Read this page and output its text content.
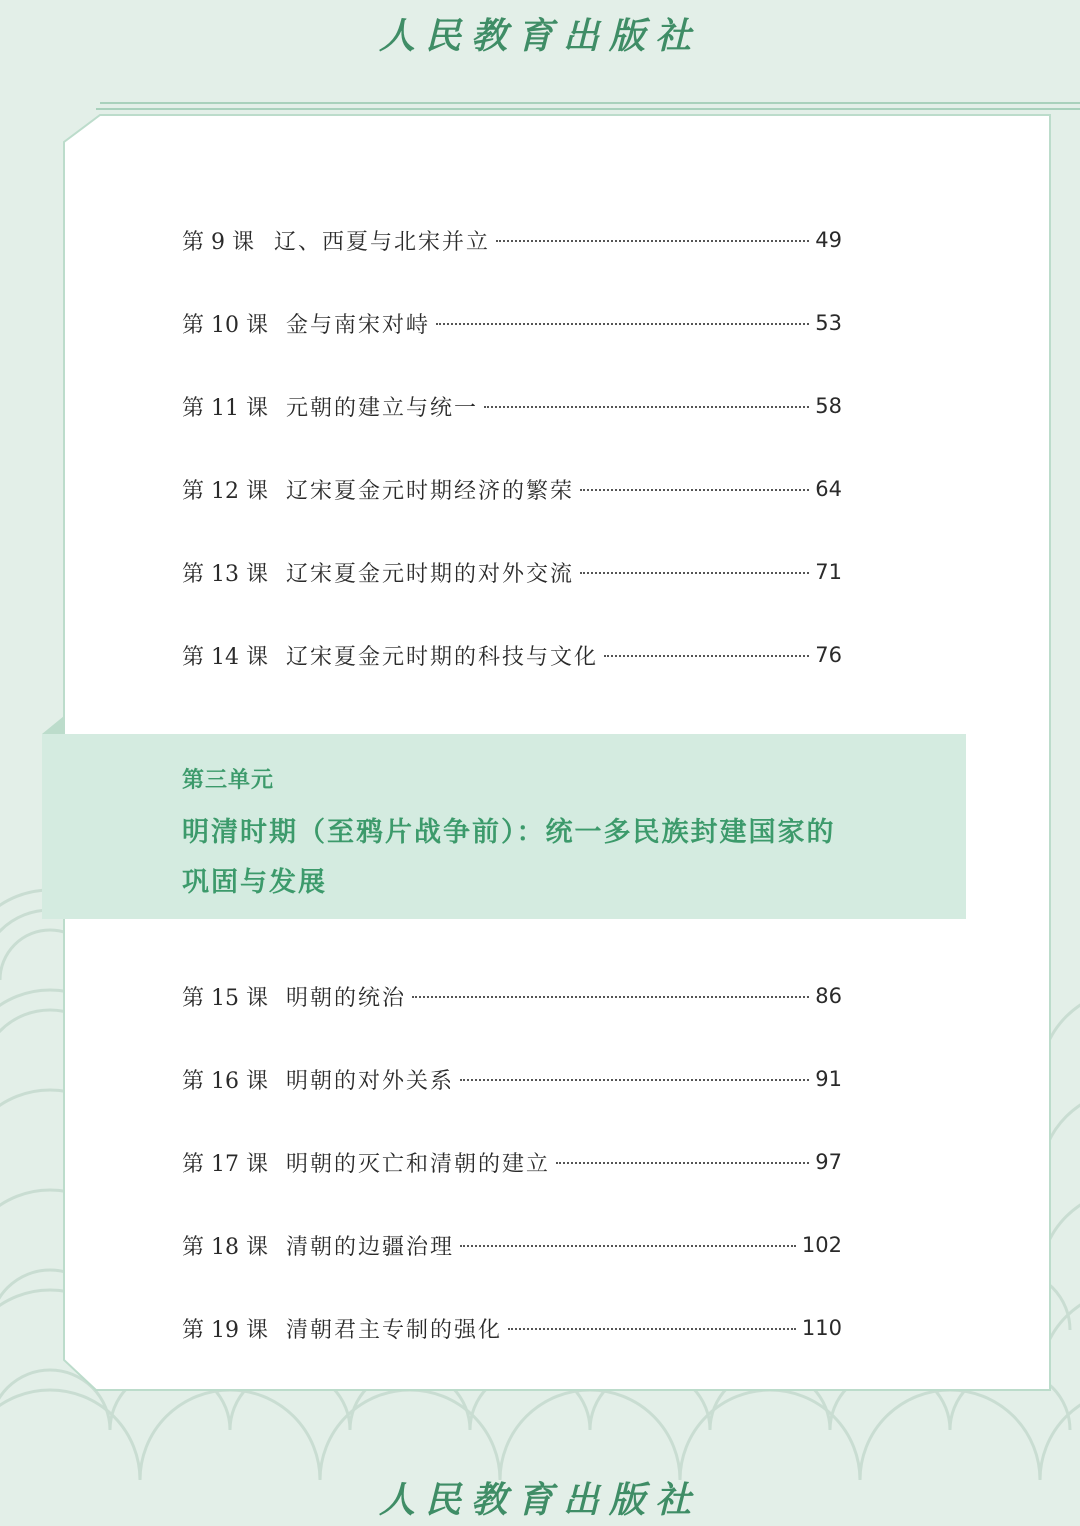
人民教育出版社
第 9 课 辽、西夏与北宋并立	49
第 10 课 金与南宋对峙	53
第 11 课 元朝的建立与统一	58
第 12 课 辽宋夏金元时期经济的繁荣	64
第 13 课 辽宋夏金元时期的对外交流	71
第 14 课 辽宋夏金元时期的科技与文化	76
第三单元
明清时期（至鸦片战争前）：统一多民族封建国家的巩固与发展
第 15 课 明朝的统治	86
第 16 课 明朝的对外关系	91
第 17 课 明朝的灭亡和清朝的建立	97
第 18 课 清朝的边疆治理	102
第 19 课 清朝君主专制的强化	110
人民教育出版社
